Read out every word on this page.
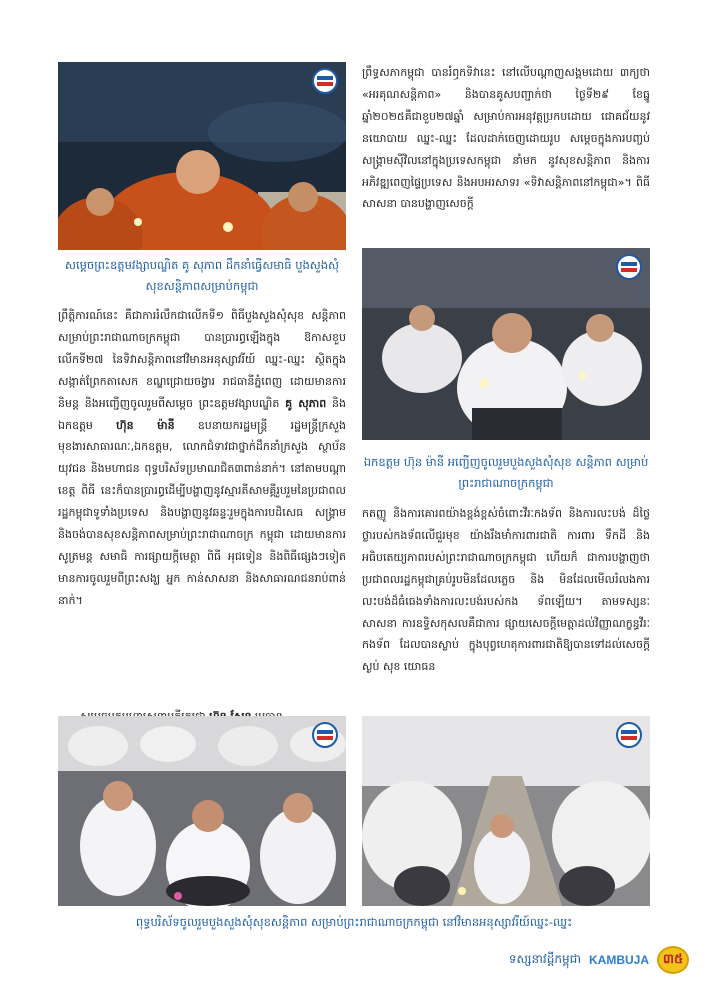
សម្តេចព្រះឧត្តមវង្សាបណ្ឌិត គូ សុភាព ដឹកនាំធ្វើសមាធិ បួងសួងសុំសុខសន្តិភាពសម្រាប់កម្ពុជា
ព្រឹត្តិការណ៍នេះ គឺជាការរំលឹកជាលើកទី១ ពិធីបួងសួងសុំសុខ សន្តិភាព សម្រាប់ព្រះរាជាណាចក្រកម្ពុជា បានប្រារព្ធឡើងក្នុង ឱកាសខួបលើកទី២៧ នៃទិវាសន្តិភាពនៅវិមានអនុស្សាវរីយ៍ ឈ្នះ-ឈ្នះ ស្ថិតក្នុងសង្កាត់ព្រែកតាសេក ខណ្ឌជ្រោយចង្វារ រាជធានីភ្នំពេញ ដោយមានការនិមន្ត និងអញ្ជើញចូលរួមពីសម្តេច ព្រះឧត្តមវង្សាបណ្ឌិត គូ សុភាព និងឯកឧត្តម ហ៊ុន ម៉ានី ឧបនាយករដ្ឋមន្ត្រី រដ្ឋមន្ត្រីក្រសួងមុខងារសាធារណៈ,ឯកឧត្តម, លោកជំទាវជាថ្នាក់ដឹកនាំក្រសួង ស្ថាប័ន យុវជន និងមហាជន ពុទ្ធបរិស័ទប្រមាណជិត៣ពាន់នាក់។ នៅតាមបណ្តាខេត្ត ពិធី នេះក៏បានប្រារព្ធដើម្បីបង្ហាញនូវស្មារតីសាមគ្គីរួបរួមនៃប្រជាពល រដ្ឋកម្ពុជាទូទាំងប្រទេស និងបង្ហាញនូវឆន្ទៈរួមក្នុងការបដិសេធ សង្គ្រាម និងចង់បានសុខសន្តិភាពសម្រាប់ព្រះរាជាណាចក្រ កម្ពុជា ដោយមានការសូត្រមន្ត សមាធិ ការផ្សាយក្តីមេត្តា ពិធី អុជទៀន និងពិធីផ្សេងៗទៀត មានការចូលរួមពីព្រះសង្ឃ អ្នក កាន់សាសនា និងសាធារណជនរាប់ពាន់នាក់។
ព្រឹទ្ធសភាកម្ពុជា បានរំឭកទិវានេះ នៅលើបណ្តាញសង្គមដោយ ៣ក្យថា «អរគុណសន្តិភាព» និងបានគូសបញ្ជាក់ថា ថ្ងៃទី២៩ ខែធ្នូឆ្នាំ២០២៥គឺជាខួប២៧ឆ្នាំ សម្រាប់ការអនុវត្តប្រកបដោយ ជោគជ័យនូវនយោបាយ ឈ្នះ-ឈ្នះ ដែលដាក់ចេញដោយរូប សម្តេចក្នុងការបញ្ចប់សង្គ្រាមស៊ីវិលនៅក្នុងប្រទេសកម្ពុជា នាំមក នូវសុខសន្តិភាព និងការអភិវឌ្ឍពេញផ្ទៃប្រទេស និងអបអរសាទរ «ទិវាសន្តិភាពនៅកម្ពុជា»។ ពិធីសាសនា បានបង្ហាញសេចក្តី
ឯកឧត្តម ហ៊ុន ម៉ានី អញ្ជើញចូលរួមបួងសួងសុំសុខ សន្តិភាព សម្រាប់ព្រះរាជាណាចក្រកម្ពុជា
កតញ្ញូ និងការគោរពយ៉ាងខ្ពង់ខ្ពស់ចំពោះវីរៈកងទ័ព និងការលះបង់ ដ៏ថ្លៃថ្លារបស់កងទ័ពលើជួរមុខ យ៉ាងរឹងមាំការពារជាតិ ការពារ ទឹកដី និងអធិបតេយ្យភាពរបស់ព្រះរាជាណាចក្រកម្ពុជា ហើយក៏ ជាការបង្ហាញថា ប្រជាពលរដ្ឋកម្ពុជាគ្រប់រូបមិនដែលភ្លេច និង មិនដែលមើលរំលងការលះបង់ដ៏ធំធេងទាំងការលះបង់របស់កង ទ័ពឡើយ។ តាមទស្សនៈសាសនា ការឧទ្ទិសកុសលគឺជាការ ផ្សាយសេចក្តីមេត្តាដល់វិញ្ញាណក្ខន្ធវីរៈកងទ័ព ដែលបានស្លាប់ ក្នុងបុព្វហេតុការពារជាតិឱ្យបានទៅដល់សេចក្តីស្ងប់ សុខ យោធន
ពុទ្ធបរិស័ទចូលរួមបួងសួងសុំសុខសន្តិភាព សម្រាប់ព្រះរាជាណាចក្រកម្ពុជា នៅវិមានអនុស្សាវរីយ៍ឈ្នះ-ឈ្នះ
ទស្សនាវដ្តីកម្ពុជា KAMBUJA	៣៥
